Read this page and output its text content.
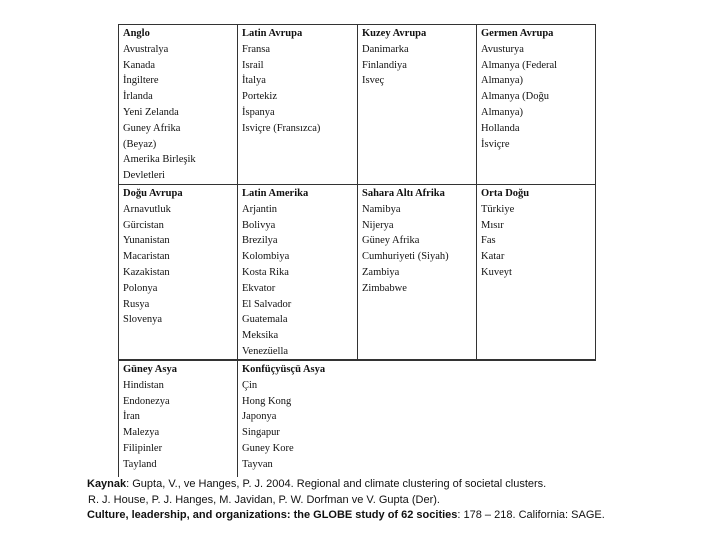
Anglo
Avustralya
Kanada
İngiltere
İrlanda
Yeni Zelanda
Guney Afrika
(Beyaz)
Amerika Birleşik
Devletleri
Latin Avrupa
Fransa
Israil
İtalya
Portekiz
İspanya
Isviçre (Fransızca)
Kuzey Avrupa
Danimarka
Finlandiya
Isveç
Germen Avrupa
Avusturya
Almanya (Federal
Almanya)
Almanya (Doğu
Almanya)
Hollanda
İsviçre
Doğu Avrupa
Arnavutluk
Gürcistan
Yunanistan
Macaristan
Kazakistan
Polonya
Rusya
Slovenya
Latin Amerika
Arjantin
Bolivya
Brezilya
Kolombiya
Kosta Rika
Ekvator
El Salvador
Guatemala
Meksika
Venezüella
Sahara Altı Afrika
Namibya
Nijerya
Güney Afrika
Cumhuriyeti (Siyah)
Zambiya
Zimbabwe
Orta Doğu
Türkiye
Mısır
Fas
Katar
Kuveyt
Güney Asya
Hindistan
Endonezya
İran
Malezya
Filipinler
Tayland
Konfüçyüsçü Asya
Çin
Hong Kong
Japonya
Singapur
Guney Kore
Tayvan
Kaynak: Gupta, V., ve Hanges, P. J. 2004. Regional and climate clustering of societal clusters.
R. J. House, P. J. Hanges, M. Javidan, P. W. Dorfman ve V. Gupta (Der).
Culture, leadership, and organizations: the GLOBE study of 62 socities: 178 – 218. California: SAGE.
